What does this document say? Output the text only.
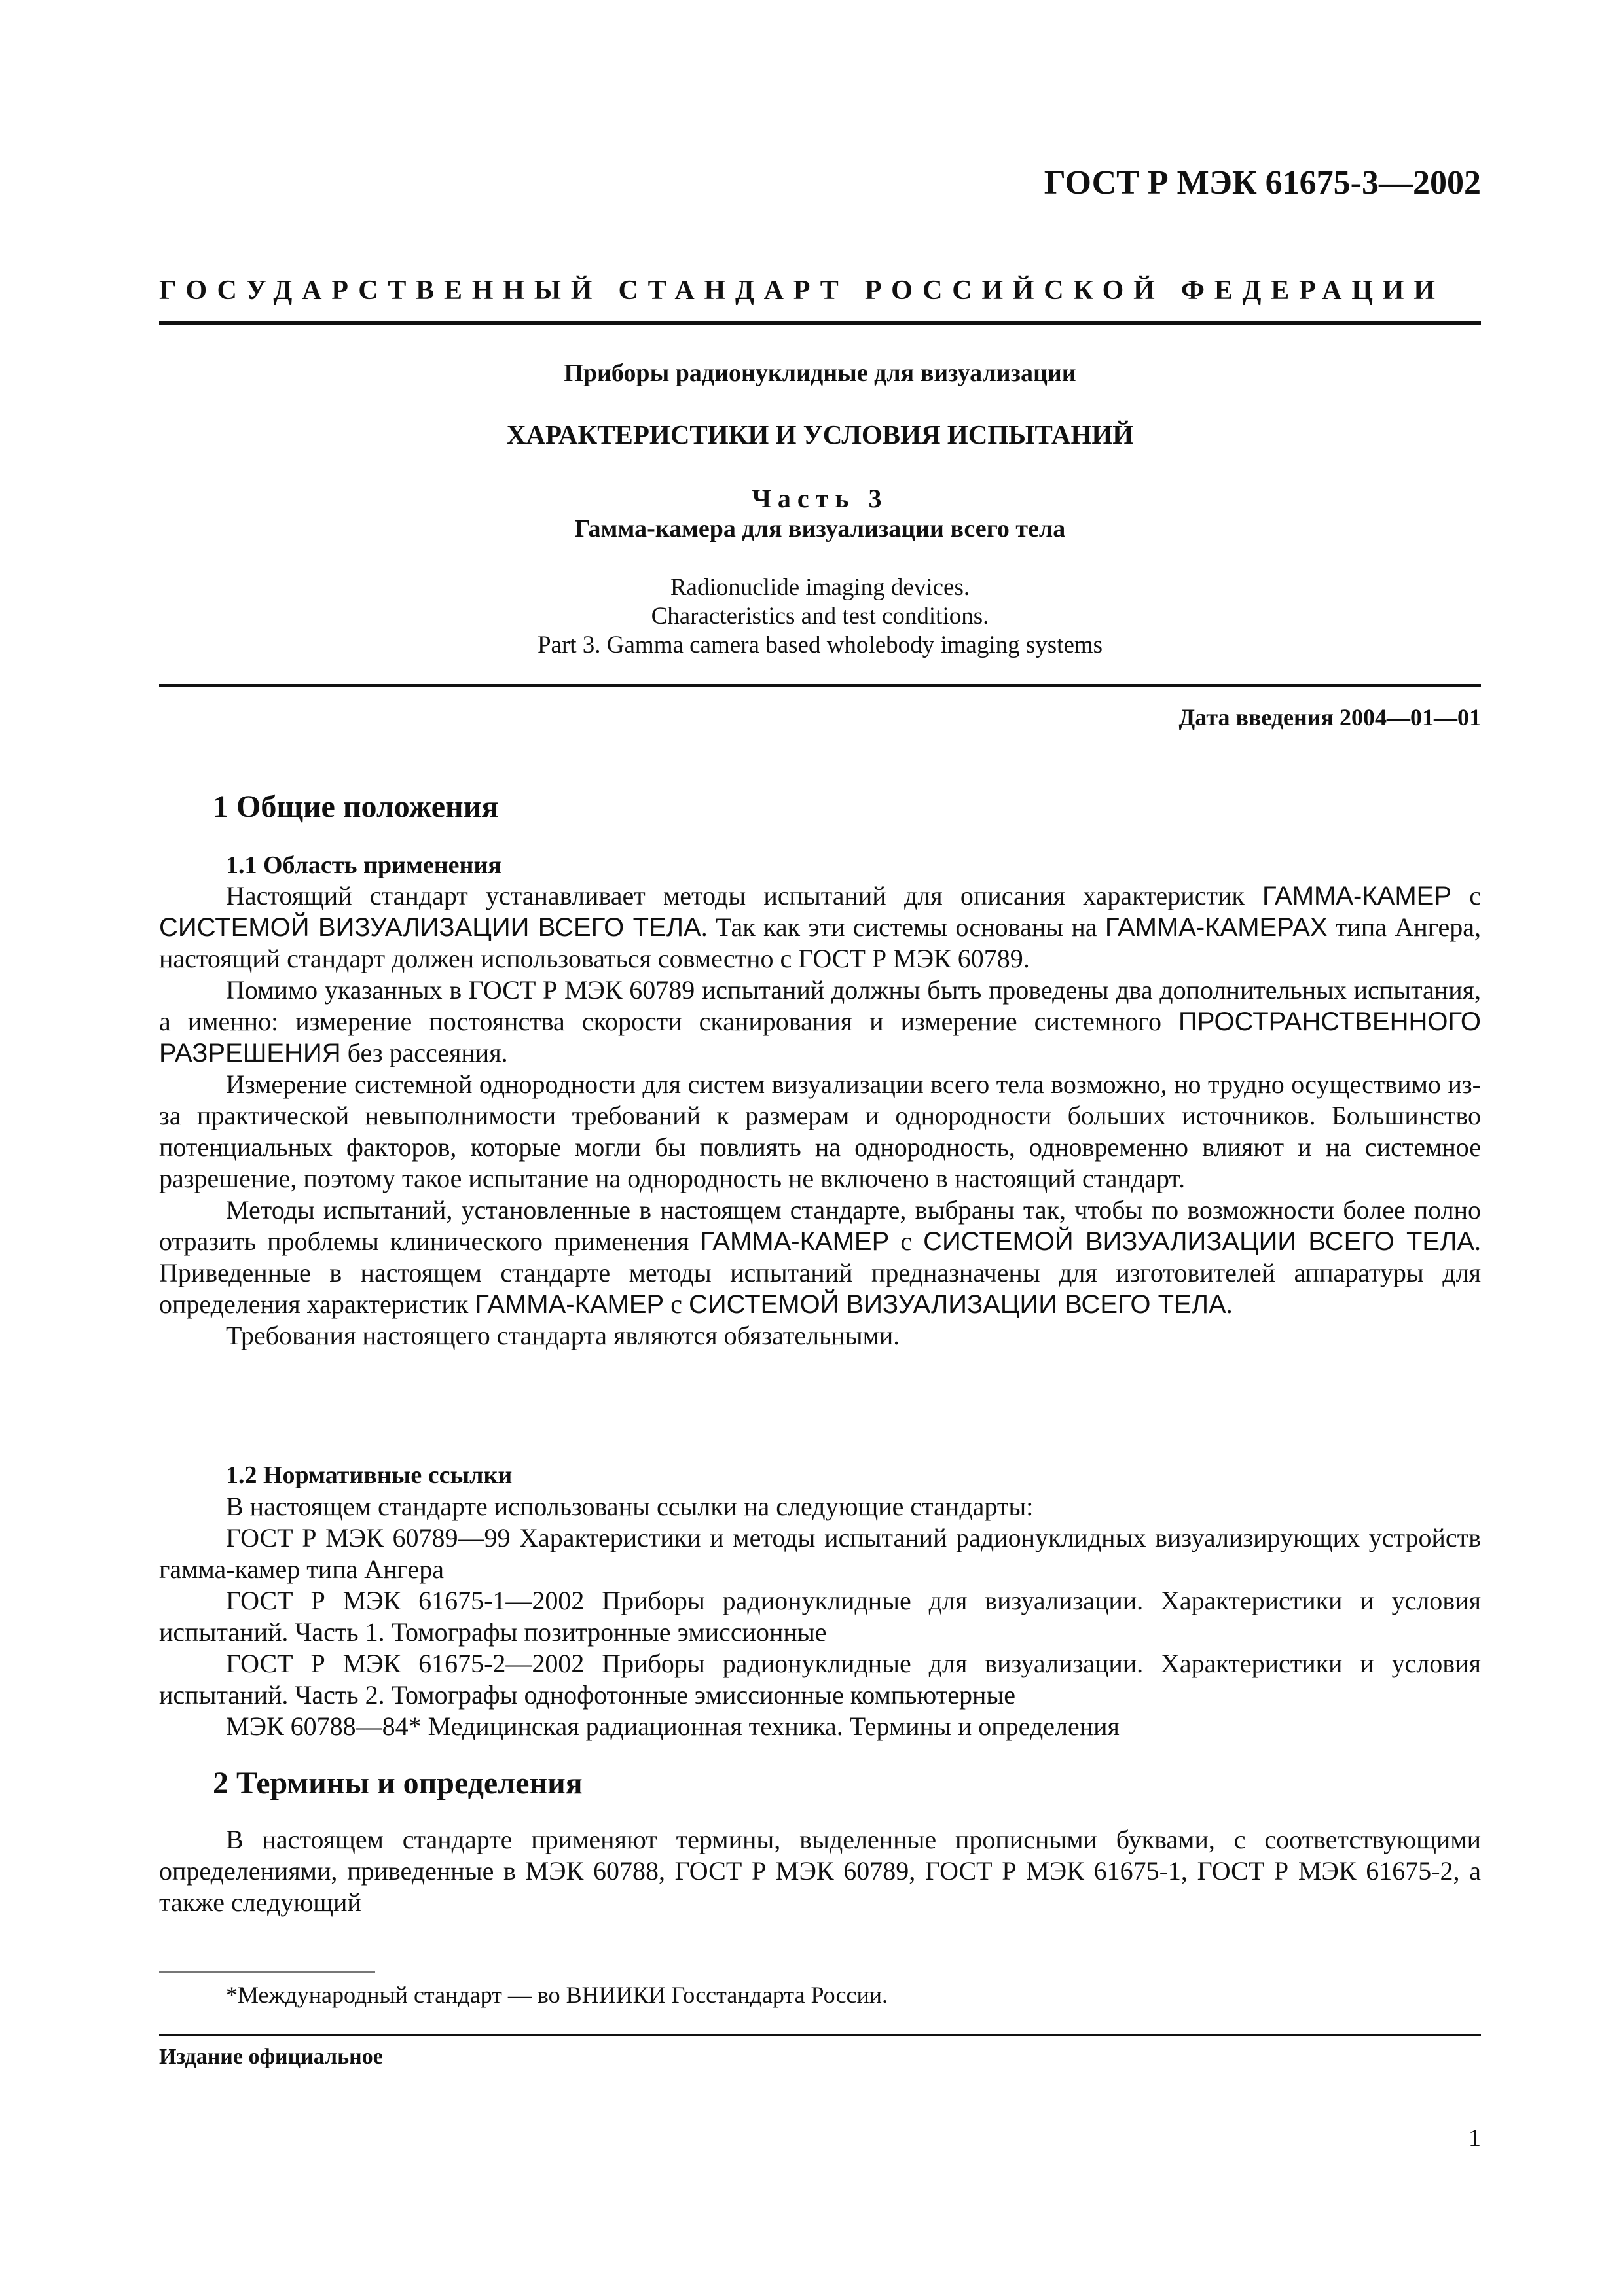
ГОСТ Р МЭК 61675-3—2002
ГОСУДАРСТВЕННЫЙ СТАНДАРТ РОССИЙСКОЙ ФЕДЕРАЦИИ
Приборы радионуклидные для визуализации
ХАРАКТЕРИСТИКИ И УСЛОВИЯ ИСПЫТАНИЙ
Часть 3
Гамма-камера для визуализации всего тела
Radionuclide imaging devices.
Characteristics and test conditions.
Part 3. Gamma camera based wholebody imaging systems
Дата введения 2004—01—01
1 Общие положения
1.1 Область применения

Настоящий стандарт устанавливает методы испытаний для описания характеристик ГАММА-КАМЕР с СИСТЕМОЙ ВИЗУАЛИЗАЦИИ ВСЕГО ТЕЛА. Так как эти системы основаны на ГАММА-КАМЕРАХ типа Ангера, настоящий стандарт должен использоваться совместно с ГОСТ Р МЭК 60789.

Помимо указанных в ГОСТ Р МЭК 60789 испытаний должны быть проведены два дополнительных испытания, а именно: измерение постоянства скорости сканирования и измерение системного ПРОСТРАНСТВЕННОГО РАЗРЕШЕНИЯ без рассеяния.

Измерение системной однородности для систем визуализации всего тела возможно, но трудно осуществимо из-за практической невыполнимости требований к размерам и однородности больших источников. Большинство потенциальных факторов, которые могли бы повлиять на однородность, одновременно влияют и на системное разрешение, поэтому такое испытание на однородность не включено в настоящий стандарт.

Методы испытаний, установленные в настоящем стандарте, выбраны так, чтобы по возможности более полно отразить проблемы клинического применения ГАММА-КАМЕР с СИСТЕМОЙ ВИЗУАЛИЗАЦИИ ВСЕГО ТЕЛА. Приведенные в настоящем стандарте методы испытаний предназначены для изготовителей аппаратуры для определения характеристик ГАММА-КАМЕР с СИСТЕМОЙ ВИЗУАЛИЗАЦИИ ВСЕГО ТЕЛА.

Требования настоящего стандарта являются обязательными.

1.2 Нормативные ссылки

В настоящем стандарте использованы ссылки на следующие стандарты:

ГОСТ Р МЭК 60789—99 Характеристики и методы испытаний радионуклидных визуализирующих устройств гамма-камер типа Ангера

ГОСТ Р МЭК 61675-1—2002 Приборы радионуклидные для визуализации. Характеристики и условия испытаний. Часть 1. Томографы позитронные эмиссионные

ГОСТ Р МЭК 61675-2—2002 Приборы радионуклидные для визуализации. Характеристики и условия испытаний. Часть 2. Томографы однофотонные эмиссионные компьютерные

МЭК 60788—84* Медицинская радиационная техника. Термины и определения

2 Термины и определения

В настоящем стандарте применяют термины, выделенные прописными буквами, с соответствующими определениями, приведенные в МЭК 60788, ГОСТ Р МЭК 60789, ГОСТ Р МЭК 61675-1, ГОСТ Р МЭК 61675-2, а также следующий

*Международный стандарт — во ВНИИКИ Госстандарта России.
Издание официальное
1
